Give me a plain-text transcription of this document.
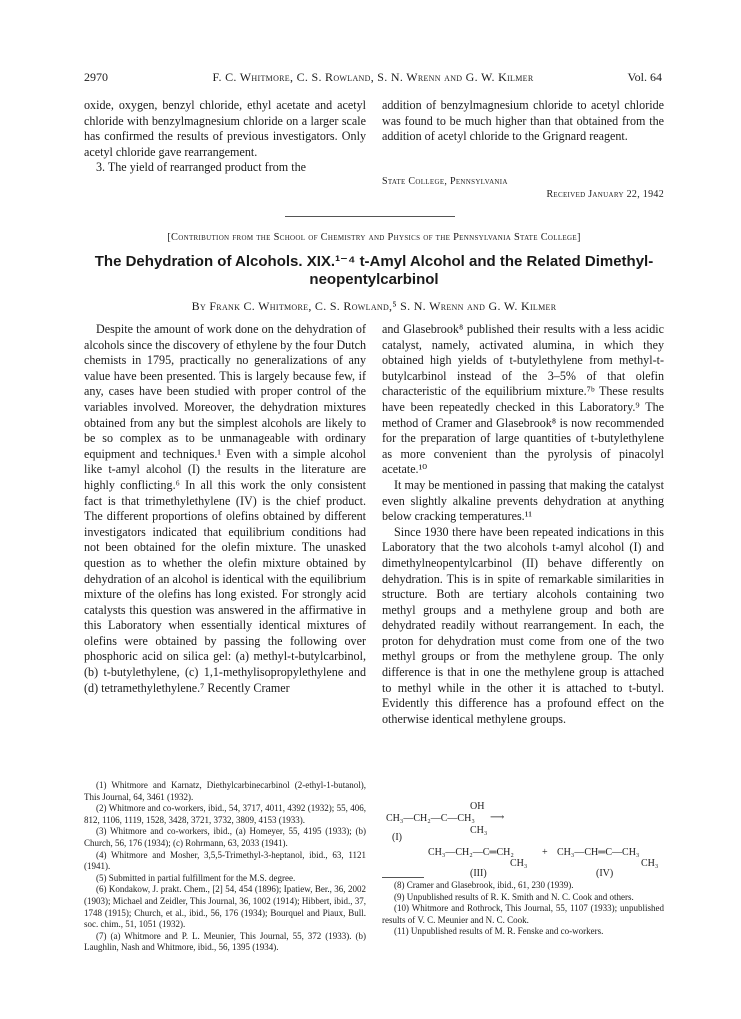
2970	F. C. Whitmore, C. S. Rowland, S. N. Wrenn and G. W. Kilmer	Vol. 64

oxide, oxygen, benzyl chloride, ethyl acetate and acetyl chloride with benzylmagnesium chloride on a larger scale has confirmed the results of previous investigators. Only acetyl chloride gave rearrangement.

3. The yield of rearranged product from the

addition of benzylmagnesium chloride to acetyl chloride was found to be much higher than that obtained from the addition of acetyl chloride to the Grignard reagent.

State College, Pennsylvania
Received January 22, 1942
[Contribution from the School of Chemistry and Physics of the Pennsylvania State College]
The Dehydration of Alcohols. XIX.¹⁻⁴ t-Amyl Alcohol and the Related Dimethyl-
neopentylcarbinol
By Frank C. Whitmore, C. S. Rowland,⁵ S. N. Wrenn and G. W. Kilmer

Despite the amount of work done on the dehydration of alcohols since the discovery of ethylene by the four Dutch chemists in 1795, practically no generalizations of any value have been presented. This is largely because few, if any, cases have been studied with proper control of the variables involved. Moreover, the dehydration mixtures obtained from any but the simplest alcohols are likely to be so complex as to be unmanageable with ordinary equipment and techniques.¹ Even with a simple alcohol like t-amyl alcohol (I) the results in the literature are highly conflicting.⁶ In all this work the only consistent fact is that trimethylethylene (IV) is the chief product. The different proportions of olefins obtained by different investigators indicated that equilibrium conditions had not been obtained for the olefin mixture. The unasked question as to whether the olefin mixture obtained by dehydration of an alcohol is identical with the equilibrium mixture of the olefins has long existed. For strongly acid catalysts this question was answered in the affirmative in this Laboratory when essentially identical mixtures of olefins were obtained by passing the following over phosphoric acid on silica gel: (a) methyl-t-butylcarbinol, (b) t-butylethylene, (c) 1,1-methylisopropylethylene and (d) tetramethylethylene.⁷ Recently Cramer

and Glasebrook⁸ published their results with a less acidic catalyst, namely, activated alumina, in which they obtained high yields of t-butylethylene from methyl-t-butylcarbinol instead of the 3–5% of that olefin characteristic of the equilibrium mixture.⁷ᵇ These results have been repeatedly checked in this Laboratory.⁹ The method of Cramer and Glasebrook⁸ is now recommended for the preparation of large quantities of t-butylethylene as more convenient than the pyrolysis of pinacolyl acetate.¹⁰

It may be mentioned in passing that making the catalyst even slightly alkaline prevents dehydration at anything below cracking temperatures.¹¹

Since 1930 there have been repeated indications in this Laboratory that the two alcohols t-amyl alcohol (I) and dimethylneopentylcarbinol (II) behave differently on dehydration. This is in spite of remarkable similarities in structure. Both are tertiary alcohols containing two methyl groups and a methylene group and both are dehydrated readily without rearrangement. In each, the proton for dehydration must come from one of the two methyl groups or from the methylene group. The only difference is that in one the methylene group is attached to methyl while in the other it is attached to t-butyl. Evidently this difference has a profound effect on the otherwise identical methylene groups.

(1) Whitmore and Karnatz, Diethylcarbinecarbinol (2-ethyl-1-butanol), This Journal, 64, 3461 (1932).

(2) Whitmore and co-workers, ibid., 54, 3717, 4011, 4392 (1932); 55, 406, 812, 1106, 1119, 1528, 3428, 3721, 3732, 3809, 4153 (1933).

(3) Whitmore and co-workers, ibid., (a) Homeyer, 55, 4195 (1933); (b) Church, 56, 176 (1934); (c) Rohrmann, 63, 2033 (1941).

(4) Whitmore and Mosher, 3,5,5-Trimethyl-3-heptanol, ibid., 63, 1121 (1941).

(5) Submitted in partial fulfillment for the M.S. degree.

(6) Kondakow, J. prakt. Chem., [2] 54, 454 (1896); Ipatiew, Ber., 36, 2002 (1903); Michael and Zeidler, This Journal, 36, 1002 (1914); Hibbert, ibid., 37, 1748 (1915); Church, et al., ibid., 56, 176 (1934); Bourquel and Piaux, Bull. soc. chim., 51, 1051 (1932).

(7) (a) Whitmore and P. L. Meunier, This Journal, 55, 372 (1933). (b) Laughlin, Nash and Whitmore, ibid., 56, 1395 (1934).

OH
CH₃—CH₂—C—CH₃ ⟶
CH₃
(I)
CH₃—CH₂—C═CH₂	+ CH₃—CH═C—CH₃
CH₃	CH₃
(III)	(IV)

(8) Cramer and Glasebrook, ibid., 61, 230 (1939).

(9) Unpublished results of R. K. Smith and N. C. Cook and others.

(10) Whitmore and Rothrock, This Journal, 55, 1107 (1933); unpublished results of V. C. Meunier and N. C. Cook.

(11) Unpublished results of M. R. Fenske and co-workers.
